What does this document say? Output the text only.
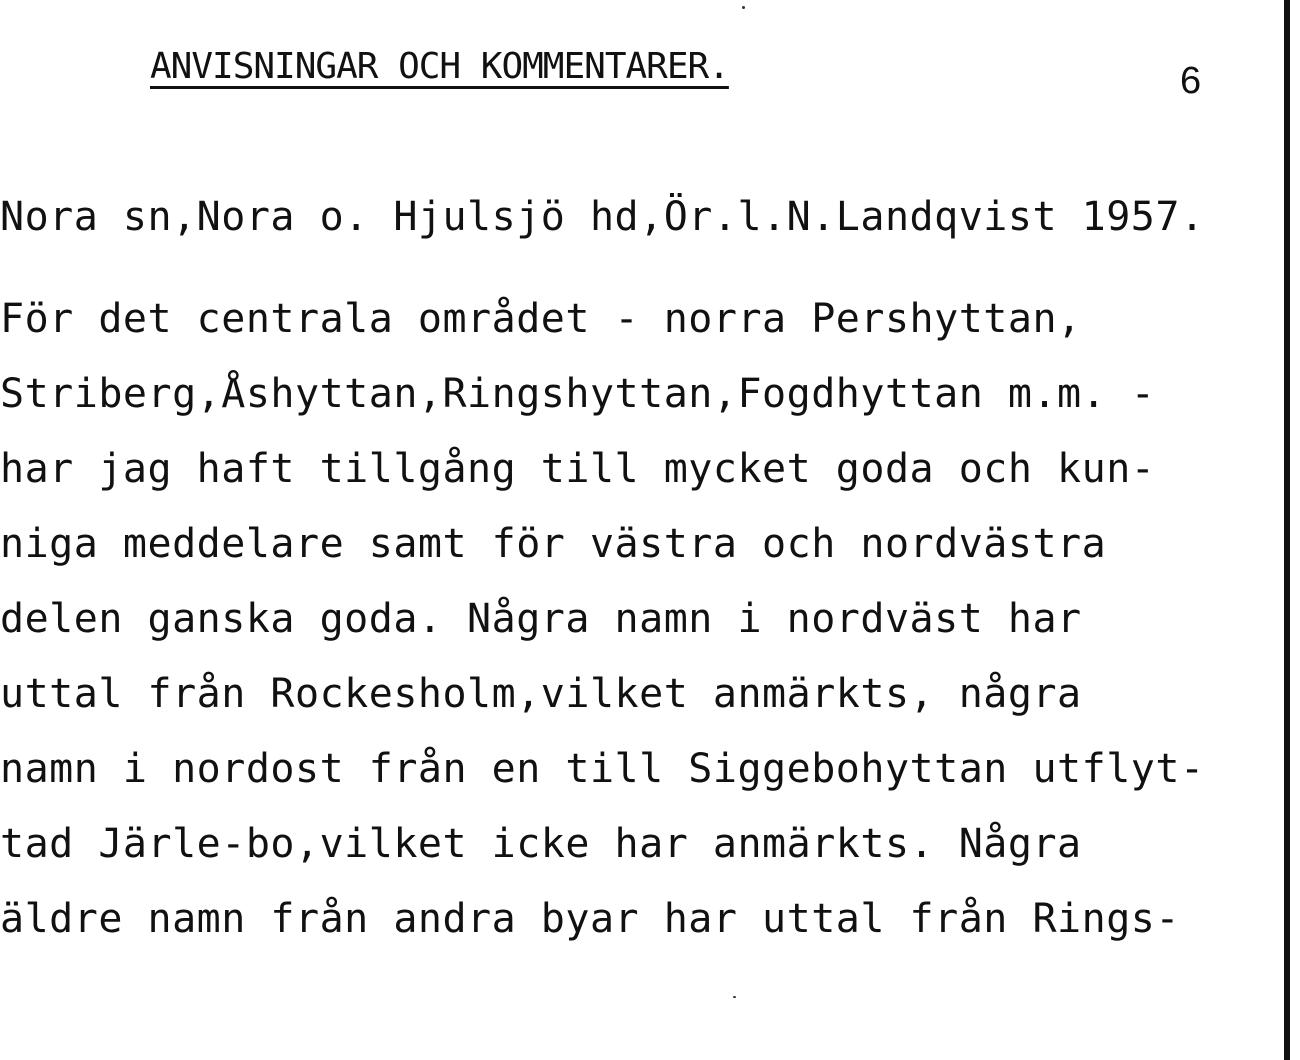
ANVISNINGAR OCH KOMMENTARER.	6
Nora sn,Nora o. Hjulsjö hd,Ör.l.N.Landqvist 1957.
För det centrala området - norra Pershyttan,
Striberg,Åshyttan,Ringshyttan,Fogdhyttan m.m. -
har jag haft tillgång till mycket goda och kun-
niga meddelare samt för västra och nordvästra
delen ganska goda. Några namn i nordväst har
uttal från Rockesholm,vilket anmärkts, några
namn i nordost från en till Siggebohyttan utflyt-
tad Järle-bo,vilket icke har anmärkts. Några
äldre namn från andra byar har uttal från Rings-
